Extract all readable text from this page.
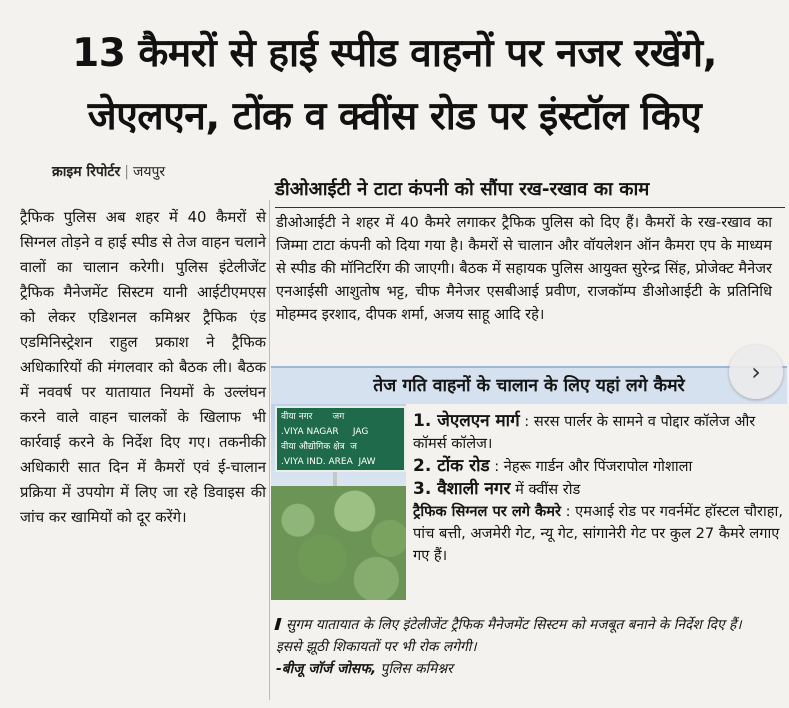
13 कैमरों से हाई स्पीड वाहनों पर नजर रखेंगे,
जेएलएन, टोंक व क्वींस रोड पर इंस्टॉल किए
क्राइम रिपोर्टर | जयपुर

ट्रैफिक पुलिस अब शहर में 40 कैमरों से सिग्नल तोड़ने व हाई स्पीड से तेज वाहन चलाने वालों का चालान करेगी। पुलिस इंटेलीजेंट ट्रैफिक मैनेजमेंट सिस्टम यानी आईटीएमएस को लेकर एडिशनल कमिश्नर ट्रैफिक एंड एडमिनिस्ट्रेशन राहुल प्रकाश ने ट्रैफिक अधिकारियों की मंगलवार को बैठक ली। बैठक में नववर्ष पर यातायात नियमों के उल्लंघन करने वाले वाहन चालकों के खिलाफ भी कार्रवाई करने के निर्देश दिए गए। तकनीकी अधिकारी सात दिन में कैमरों एवं ई-चालान प्रक्रिया में उपयोग में लिए जा रहे डिवाइस की जांच कर खामियों को दूर करेंगे।

डीओआईटी ने टाटा कंपनी को सौंपा रख-रखाव का काम

डीओआईटी ने शहर में 40 कैमरे लगाकर ट्रैफिक पुलिस को दिए हैं। कैमरों के रख-रखाव का जिम्मा टाटा कंपनी को दिया गया है। कैमरों से चालान और वॉयलेशन ऑन कैमरा एप के माध्यम से स्पीड की मॉनिटरिंग की जाएगी। बैठक में सहायक पुलिस आयुक्त सुरेन्द्र सिंह, प्रोजेक्ट मैनेजर एनआईसी आशुतोष भट्ट, चीफ मैनेजर एसबीआई प्रवीण, राजकॉम्प डीओआईटी के प्रतिनिधि मोहम्मद इरशाद, दीपक शर्मा, अजय साहू आदि रहे।

तेज गति वाहनों के चालान के लिए यहां लगे कैमरे
वीया नगर जग
.VIYA NAGAR JAG
वीया औद्योगिक क्षेत्र ज
.VIYA IND. AREA JAW
1. जेएलएन मार्ग : सरस पार्लर के सामने व पोद्दार कॉलेज और कॉमर्स कॉलेज।
2. टोंक रोड : नेहरू गार्डन और पिंजरापोल गोशाला
3. वैशाली नगर में क्वींस रोड
ट्रैफिक सिग्नल पर लगे कैमरे : एमआई रोड पर गवर्नमेंट हॉस्टल चौराहा, पांच बत्ती, अजमेरी गेट, न्यू गेट, सांगानेरी गेट पर कुल 27 कैमरे लगाए गए हैं।
सुगम यातायात के लिए इंटेलीजेंट ट्रैफिक मैनेजमेंट सिस्टम को मजबूत बनाने के निर्देश दिए हैं। इससे झूठी शिकायतों पर भी रोक लगेगी।
-बीजू जॉर्ज जोसफ, पुलिस कमिश्नर
›
